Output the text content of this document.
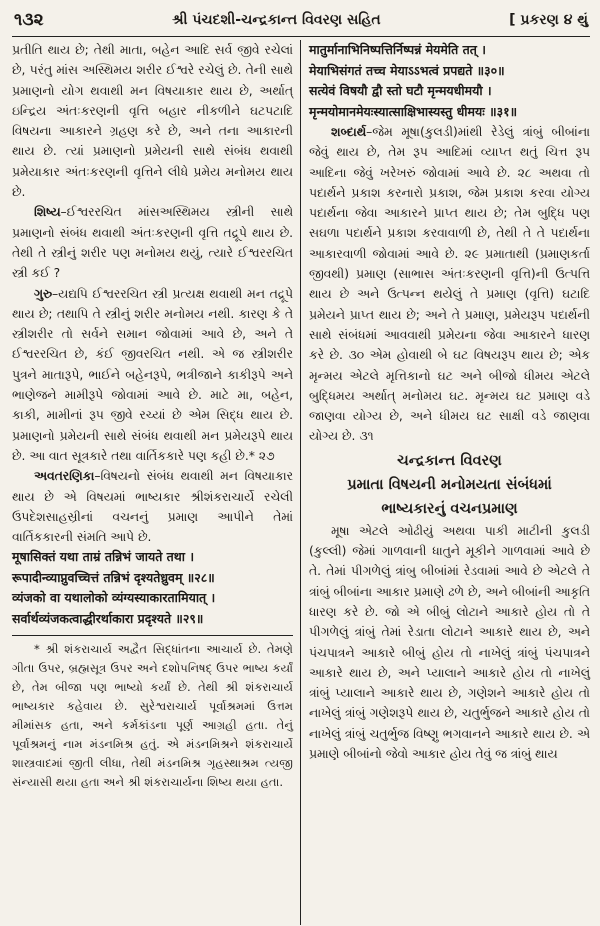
૧૩૨	શ્રી પંચદશી-ચન્દ્રકાન્ત વિવરણ સહિત	[ પ્રકરણ ૪ થું

પ્રતીતિ થાય છે; તેથી માતા, બહેન આદિ સર્વ જીવે રચેલાં છે, પરંતુ માંસ અસ્થિમય શરીર ઈશ્વરે રચેલું છે. તેની સાથે પ્રમાણનો યોગ થવાથી મન વિષયાકાર થાય છે, અર્થાત્ ઇન્દ્રિય અંતઃકરણની વૃત્તિ બહાર નીકળીને ઘટપટાદિ વિષયના આકારને ગ્રહણ કરે છે, અને તના આકારની થાય છે. ત્યાં પ્રમાણનો પ્રમેયની સાથે સંબંધ થવાથી પ્રમેયાકાર અંતઃકરણની વૃત્તિને લીધે પ્રમેય મનોમય થાય છે.

શિષ્ય–ઈશ્વરરચિત માંસઅસ્થિમય સ્ત્રીની સાથે પ્રમાણનો સંબંધ થવાથી અંતઃકરણની વૃત્તિ તદ્રૂપે થાય છે. તેથી તે સ્ત્રીનું શરીર પણ મનોમય થયું, ત્યારે ઈશ્વરરચિત સ્ત્રી કઈ ?

ગુરુ–યદ્યપિ ઈશ્વરરચિત સ્ત્રી પ્રત્યક્ષ થવાથી મન તદ્રૂપે થાય છે; તથાપિ તે સ્ત્રીનું શરીર મનોમય નથી. કારણ કે તે સ્ત્રીશરીર તો સર્વને સમાન જોવામાં આવે છે, અને તે ઈશ્વરરચિત છે, કંઈ જીવરચિત નથી. એ જ સ્ત્રીશરીર પુત્રને માતારૂપે, ભાઈને બહેનરૂપે, ભત્રીજાને કાકીરૂપે અને ભાણેજને મામીરૂપે જોવામાં આવે છે. માટે મા, બહેન, કાકી, મામીનાં રૂપ જીવે રચ્યાં છે એમ સિદ્ધ થાય છે. પ્રમાણનો પ્રમેયની સાથે સંબંધ થવાથી મન પ્રમેયરૂપે થાય છે. આ વાત સૂત્રકારે તથા વાર્તિકકારે પણ કહી છે.* ૨૭

અવતરણિકા–વિષયનો સંબંધ થવાથી મન વિષયાકાર થાય છે એ વિષયમાં ભાષ્યકાર શ્રીશંકરાચાર્યે રચેલી ઉપદેશસાહસ્રીનાં વચનનું પ્રમાણ આપીને તેમાં વાર્તિકકારની સંમતિ આપે છે.

मूषासिक्तं यथा ताम्रं तन्निभं जायते तथा ।
रूपादीन्व्याप्नुवच्चित्तं तन्निभं दृश्यतेध्रुवम् ॥२८॥
व्यंजको वा यथालोको व्यंग्यस्याकारतामियात् ।
सर्वार्थव्यंजकत्वाद्धीरर्थाकारा प्रदृश्यते ॥२९॥

* શ્રી શંકરાચાર્ય અદ્વૈત સિદ્ધાંતના આચાર્ય છે. તેમણે ગીતા ઉપર, બ્રહ્મસૂત્ર ઉપર અને દશોપનિષદ્ ઉપર ભાષ્ય કર્યાં છે, તેમ બીજા પણ ભાષ્યો કર્યાં છે. તેથી શ્રી શંકરાચાર્ય ભાષ્યકાર કહેવાય છે. સુરેશ્વરાચાર્ય પૂર્વાશ્રમમાં ઉત્તમ મીમાંસક હતા, અને કર્મકાંડના પૂર્ણ આગ્રહી હતા. તેનું પૂર્વાશ્રમનું નામ મંડનમિશ્ર હતું. એ મંડનમિશ્રને શંકરાચાર્યે શાસ્ત્રવાદમાં જીતી લીધા, તેથી મંડનમિશ્ર ગૃહસ્થાશ્રમ ત્યજી સંન્યાસી થયા હતા અને શ્રી શંકરાચાર્યના શિષ્ય થયા હતા.

मातुर्मानाभिनिष्पत्तिर्निष्पन्नं मेयमेति तत् ।
मेयाभिसंगतं तच्च मेयाऽऽभत्वं प्रपद्यते ॥३०॥
सत्येवं विषयौ द्वौ स्तो घटौ मृन्मयधीमयौ ।
मृन्मयोमानमेयःस्यात्साक्षिभास्यस्तु धीमयः ॥३१॥

શબ્દાર્થ–જેમ મૂષા(કુલડી)માંથી રેડેલું ત્રાંબું બીબાંના જેવું થાય છે, તેમ રૂપ આદિમાં વ્યાપ્ત થતું ચિત્ત રૂપ આદિના જેવું ખરેખરું જોવામાં આવે છે. ૨૮ અથવા તો પદાર્થને પ્રકાશ કરનારો પ્રકાશ, જેમ પ્રકાશ કરવા યોગ્ય પદાર્થના જેવા આકારને પ્રાપ્ત થાય છે; તેમ બુદ્ધિ પણ સઘળા પદાર્થને પ્રકાશ કરવાવાળી છે, તેથી તે તે પદાર્થના આકારવાળી જોવામાં આવે છે. ૨૯ પ્રમાતાથી (પ્રમાણકર્તા જીવથી) પ્રમાણ (સાભાસ અંતઃકરણની વૃત્તિ)ની ઉત્પત્તિ થાય છે અને ઉત્પન્ન થયેલું તે પ્રમાણ (વૃત્તિ) ઘટાદિ પ્રમેયને પ્રાપ્ત થાય છે; અને તે પ્રમાણ, પ્રમેયરૂપ પદાર્થની સાથે સંબંધમાં આવવાથી પ્રમેયના જેવા આકારને ધારણ કરે છે. ૩૦ એમ હોવાથી બે ઘટ વિષયરૂપ થાય છે; એક મૃન્મય એટલે મૃત્તિકાનો ઘટ અને બીજો ધીમય એટલે બુદ્ધિમય અર્થાત્ મનોમય ઘટ. મૃન્મય ઘટ પ્રમાણ વડે જાણવા યોગ્ય છે, અને ધીમય ઘટ સાક્ષી વડે જાણવા યોગ્ય છે. ૩૧

ચન્દ્રકાન્ત વિવરણ
પ્રમાતા વિષયની મનોમયતા સંબંધમાં
ભાષ્યકારનું વચનપ્રમાણ

મૂષા એટલે ઓઢીયું અથવા પાકી માટીની કુલડી (કુલ્લી) જેમાં ગાળવાની ધાતુને મૂકીને ગાળવામાં આવે છે તે. તેમાં પીગળેલું ત્રાંબુ બીબાંમાં રેડવામાં આવે છે એટલે તે ત્રાંબું બીબાંના આકાર પ્રમાણે ઢળે છે, અને બીબાંની આકૃતિ ધારણ કરે છે. જો એ બીબું લોટાને આકારે હોય તો તે પીગળેલું ત્રાંબું તેમાં રેડાતા લોટાને આકારે થાય છે, અને પંચપાત્રને આકારે બીબું હોય તો નાખેલું ત્રાંબું પંચપાત્રને આકારે થાય છે, અને પ્યાલાને આકારે હોય તો નાખેલું ત્રાંબું પ્યાલાને આકારે થાય છે, ગણેશને આકારે હોય તો નાખેલું ત્રાંબું ગણેશરૂપે થાય છે, ચતુર્ભુજને આકારે હોય તો નાખેલું ત્રાંબું ચતુર્ભુજ વિષ્ણુ ભગવાનને આકારે થાય છે. એ પ્રમાણે બીબાંનો જેવો આકાર હોય તેવું જ ત્રાંબું થાય
